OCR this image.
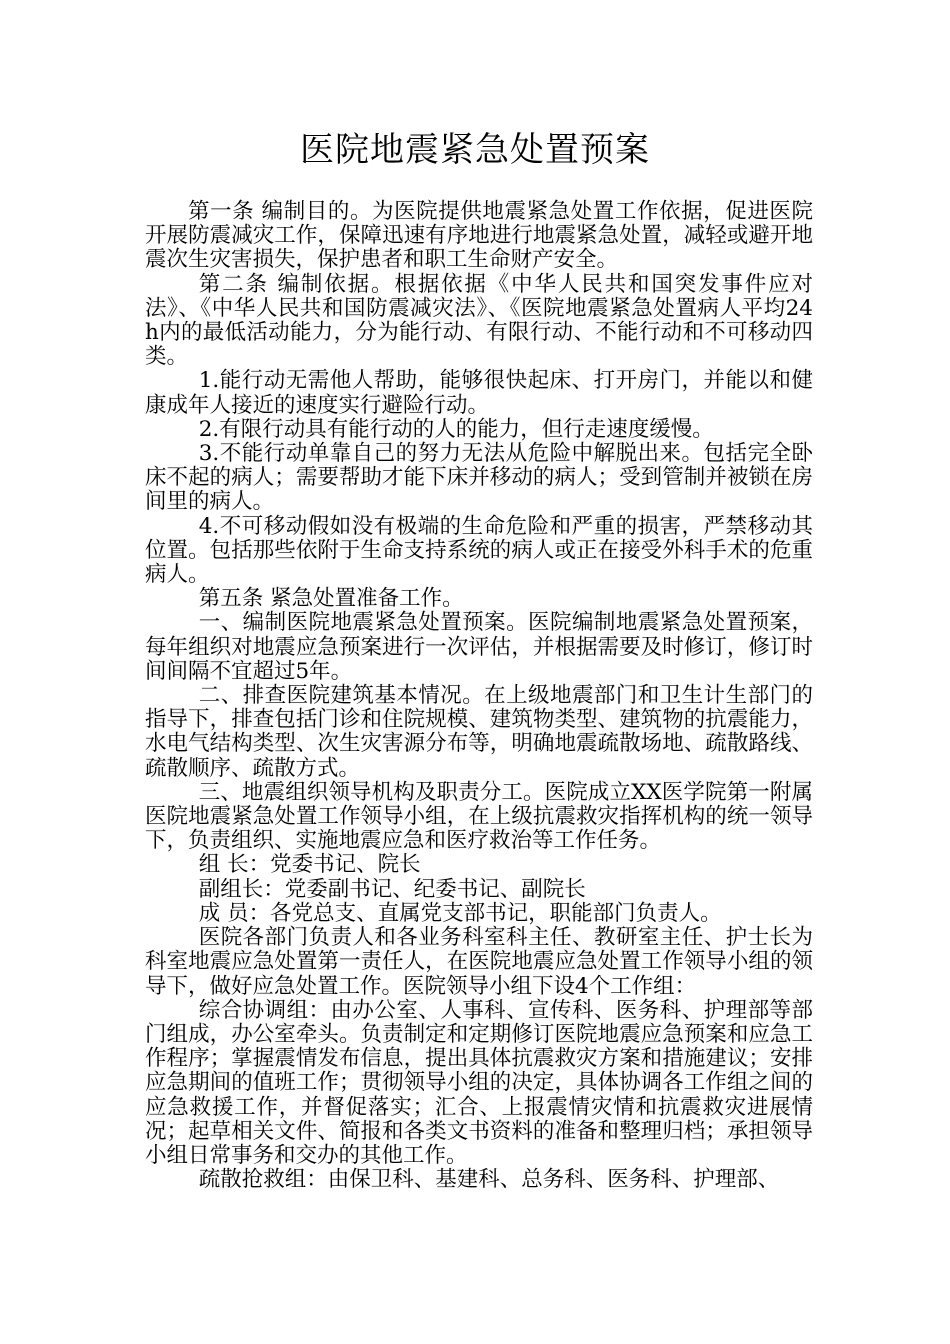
医院地震紧急处置预案

第一条 编制目的。为医院提供地震紧急处置工作依据，促进医院开展防震减灾工作，保障迅速有序地进行地震紧急处置，减轻或避开地震次生灾害损失，保护患者和职工生命财产安全。

第二条 编制依据。根据依据《中华人民共和国突发事件应对法》、《中华人民共和国防震减灾法》、《医院地震紧急处置病人平均24 h内的最低活动能力，分为能行动、有限行动、不能行动和不可移动四类。

1.能行动无需他人帮助，能够很快起床、打开房门，并能以和健康成年人接近的速度实行避险行动。

2.有限行动具有能行动的人的能力，但行走速度缓慢。

3.不能行动单靠自己的努力无法从危险中解脱出来。包括完全卧床不起的病人；需要帮助才能下床并移动的病人；受到管制并被锁在房间里的病人。

4.不可移动假如没有极端的生命危险和严重的损害，严禁移动其位置。包括那些依附于生命支持系统的病人或正在接受外科手术的危重病人。

第五条 紧急处置准备工作。

一、编制医院地震紧急处置预案。医院编制地震紧急处置预案，每年组织对地震应急预案进行一次评估，并根据需要及时修订，修订时间间隔不宜超过5年。

二、排查医院建筑基本情况。在上级地震部门和卫生计生部门的指导下，排查包括门诊和住院规模、建筑物类型、建筑物的抗震能力，水电气结构类型、次生灾害源分布等，明确地震疏散场地、疏散路线、疏散顺序、疏散方式。

三、地震组织领导机构及职责分工。医院成立XX医学院第一附属医院地震紧急处置工作领导小组，在上级抗震救灾指挥机构的统一领导下，负责组织、实施地震应急和医疗救治等工作任务。

组 长：党委书记、院长

副组长：党委副书记、纪委书记、副院长

成 员：各党总支、直属党支部书记，职能部门负责人。

医院各部门负责人和各业务科室科主任、教研室主任、护士长为科室地震应急处置第一责任人，在医院地震应急处置工作领导小组的领导下，做好应急处置工作。医院领导小组下设4个工作组：

综合协调组：由办公室、人事科、宣传科、医务科、护理部等部门组成，办公室牵头。负责制定和定期修订医院地震应急预案和应急工作程序；掌握震情发布信息，提出具体抗震救灾方案和措施建议；安排应急期间的值班工作；贯彻领导小组的决定，具体协调各工作组之间的应急救援工作，并督促落实；汇合、上报震情灾情和抗震救灾进展情况；起草相关文件、简报和各类文书资料的准备和整理归档；承担领导小组日常事务和交办的其他工作。

疏散抢救组：由保卫科、基建科、总务科、医务科、护理部、
